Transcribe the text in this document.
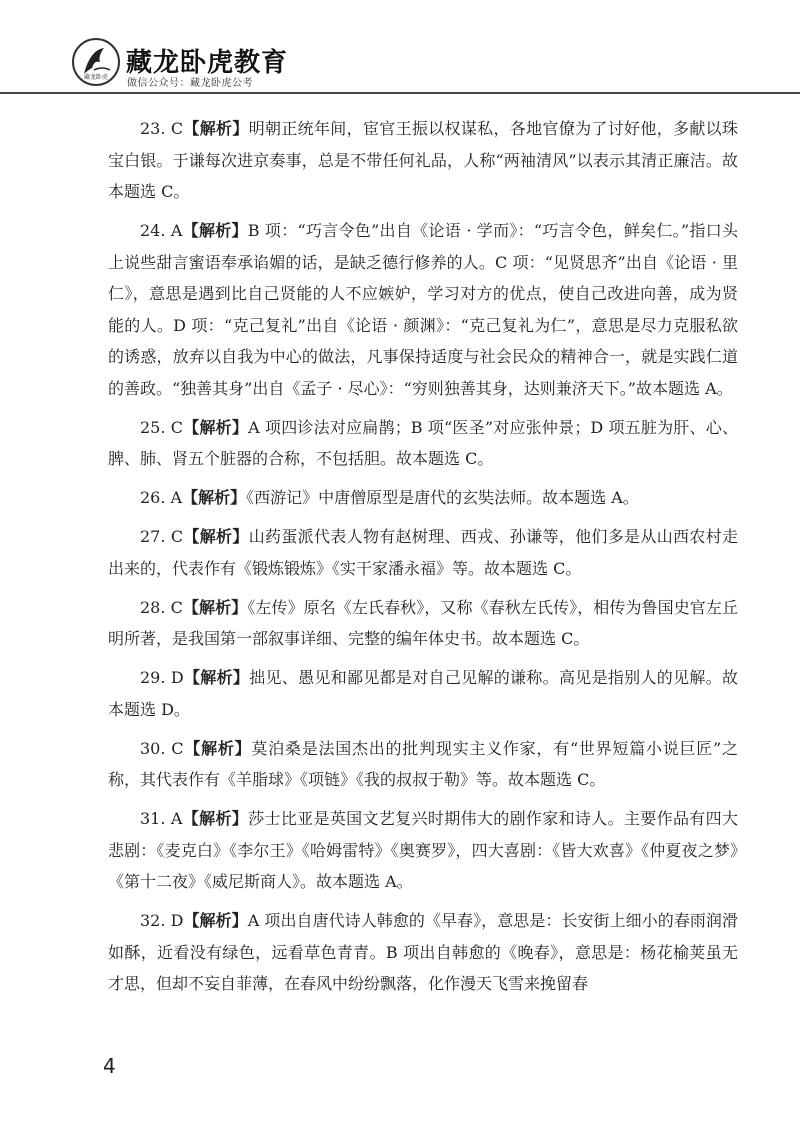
藏龙卧虎 藏龙卧虎教育
做信公众号：藏龙卧虎公考

23. C【解析】明朝正统年间，宦官王振以权谋私，各地官僚为了讨好他，多献以珠宝白银。于谦每次进京奏事，总是不带任何礼品，人称“两袖清风”以表示其清正廉洁。故本题选 C。

24. A【解析】B 项：“巧言令色”出自《论语 · 学而》：“巧言令色，鲜矣仁。”指口头上说些甜言蜜语奉承谄媚的话，是缺乏德行修养的人。C 项：“见贤思齐”出自《论语 · 里仁》，意思是遇到比自己贤能的人不应嫉妒，学习对方的优点，使自己改进向善，成为贤能的人。D 项：“克己复礼”出自《论语 · 颜渊》：“克己复礼为仁”，意思是尽力克服私欲的诱惑，放弃以自我为中心的做法，凡事保持适度与社会民众的精神合一，就是实践仁道的善政。“独善其身”出自《孟子 · 尽心》：“穷则独善其身，达则兼济天下。”故本题选 A。

25. C【解析】A 项四诊法对应扁鹊；B 项“医圣”对应张仲景；D 项五脏为肝、心、脾、肺、肾五个脏器的合称，不包括胆。故本题选 C。

26. A【解析】《西游记》中唐僧原型是唐代的玄奘法师。故本题选 A。

27. C【解析】山药蛋派代表人物有赵树理、西戎、孙谦等，他们多是从山西农村走出来的，代表作有《锻炼锻炼》《实干家潘永福》等。故本题选 C。

28. C【解析】《左传》原名《左氏春秋》，又称《春秋左氏传》，相传为鲁国史官左丘明所著，是我国第一部叙事详细、完整的编年体史书。故本题选 C。

29. D【解析】拙见、愚见和鄙见都是对自己见解的谦称。高见是指别人的见解。故本题选 D。

30. C【解析】莫泊桑是法国杰出的批判现实主义作家，有“世界短篇小说巨匠”之称，其代表作有《羊脂球》《项链》《我的叔叔于勒》等。故本题选 C。

31. A【解析】莎士比亚是英国文艺复兴时期伟大的剧作家和诗人。主要作品有四大悲剧：《麦克白》《李尔王》《哈姆雷特》《奥赛罗》，四大喜剧：《皆大欢喜》《仲夏夜之梦》《第十二夜》《威尼斯商人》。故本题选 A。

32. D【解析】A 项出自唐代诗人韩愈的《早春》，意思是：长安街上细小的春雨润滑如酥，近看没有绿色，远看草色青青。B 项出自韩愈的《晚春》，意思是：杨花榆荚虽无才思，但却不妄自菲薄，在春风中纷纷飘落，化作漫天飞雪来挽留春

4
